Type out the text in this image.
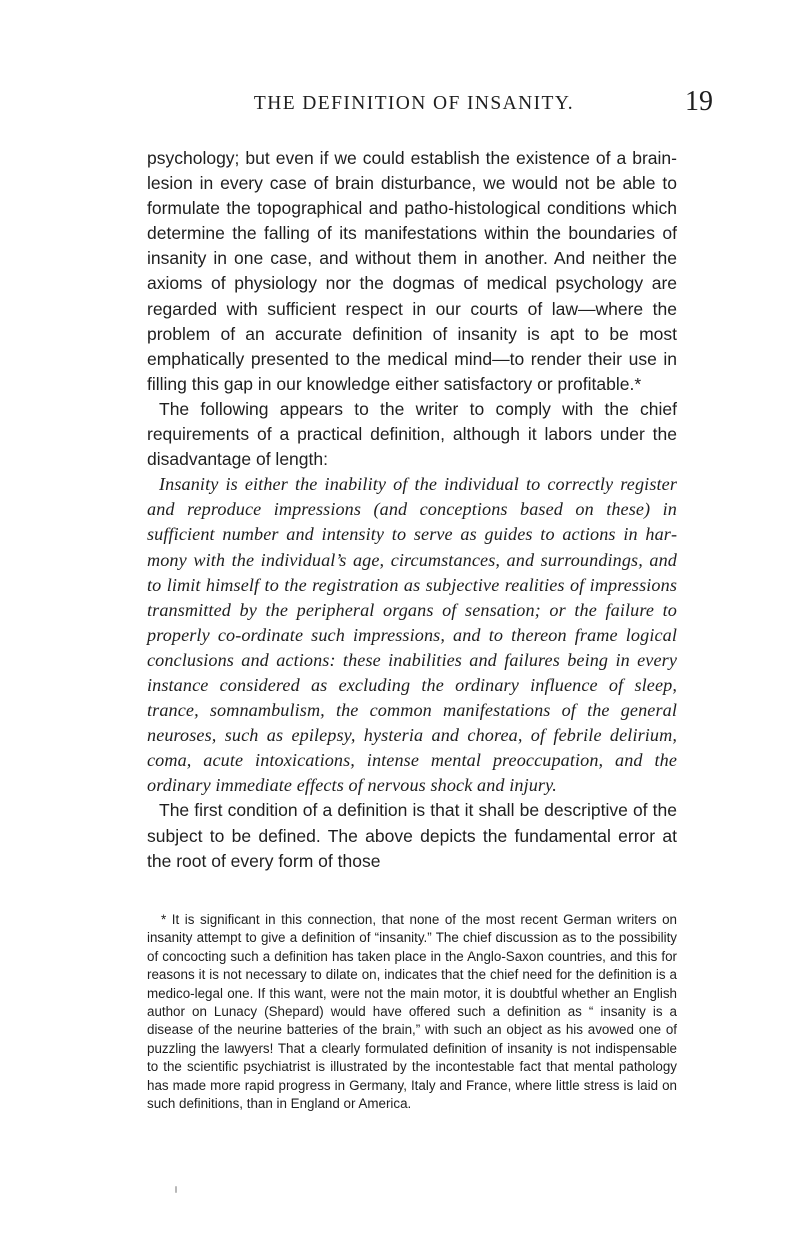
THE DEFINITION OF INSANITY.	19

psychology; but even if we could establish the existence of a brain-lesion in every case of brain disturbance, we would not be able to formulate the topographical and patho-histological conditions which determine the falling of its manifestations within the boundaries of insanity in one case, and without them in another. And neither the axioms of physiology nor the dogmas of medical psychology are regarded with sufficient respect in our courts of law—where the problem of an accurate definition of insanity is apt to be most emphatically presented to the medical mind—to render their use in filling this gap in our knowledge either satisfactory or profitable.*

The following appears to the writer to comply with the chief requirements of a practical definition, although it labors under the disadvantage of length:

Insanity is either the inability of the individual to correctly register and reproduce impressions (and conceptions based on these) in sufficient number and intensity to serve as guides to actions in harmony with the individual’s age, circumstances, and surroundings, and to limit himself to the registration as subjective realities of impressions transmitted by the peripheral organs of sensation; or the failure to properly co-ordinate such impressions, and to thereon frame logical conclusions and actions: these inabilities and failures being in every instance considered as excluding the ordinary influence of sleep, trance, somnambulism, the common manifestations of the general neuroses, such as epilepsy, hysteria and chorea, of febrile delirium, coma, acute intoxications, intense mental preoccupation, and the ordinary immediate effects of nervous shock and injury.

The first condition of a definition is that it shall be descriptive of the subject to be defined. The above depicts the fundamental error at the root of every form of those

* It is significant in this connection, that none of the most recent German writers on insanity attempt to give a definition of “insanity.” The chief discussion as to the possibility of concocting such a definition has taken place in the Anglo-Saxon countries, and this for reasons it is not necessary to dilate on, indicates that the chief need for the definition is a medico-legal one. If this want, were not the main motor, it is doubtful whether an English author on Lunacy (Shepard) would have offered such a definition as “ insanity is a disease of the neurine batteries of the brain,” with such an object as his avowed one of puzzling the lawyers! That a clearly formulated definition of insanity is not indispensable to the scientific psychiatrist is illustrated by the incontestable fact that mental pathology has made more rapid progress in Germany, Italy and France, where little stress is laid on such definitions, than in England or America.
